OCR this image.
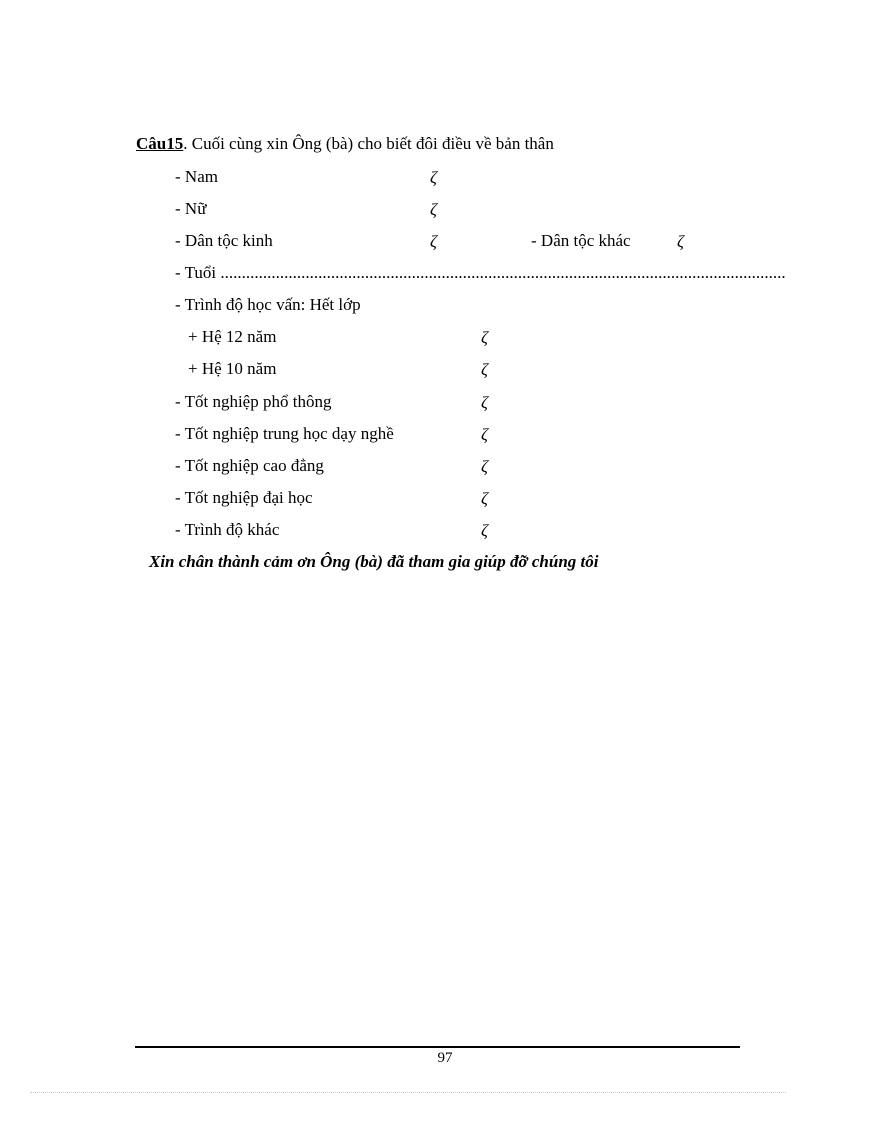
Câu15. Cuối cùng xin Ông (bà) cho biết đôi điều về bản thân
- Nam	ζ
- Nữ	ζ
- Dân tộc kinh	ζ	- Dân tộc khác	ζ
- Tuổi .....................................................................................................................................
- Trình độ học vấn: Hết lớp
+ Hệ 12 năm	ζ
+ Hệ 10 năm	ζ
- Tốt nghiệp phổ thông	ζ
- Tốt nghiệp trung học dạy nghề	ζ
- Tốt nghiệp cao đẳng	ζ
- Tốt nghiệp đại học	ζ
- Trình độ khác	ζ
Xin chân thành cảm ơn Ông (bà) đã tham gia giúp đỡ chúng tôi
97
